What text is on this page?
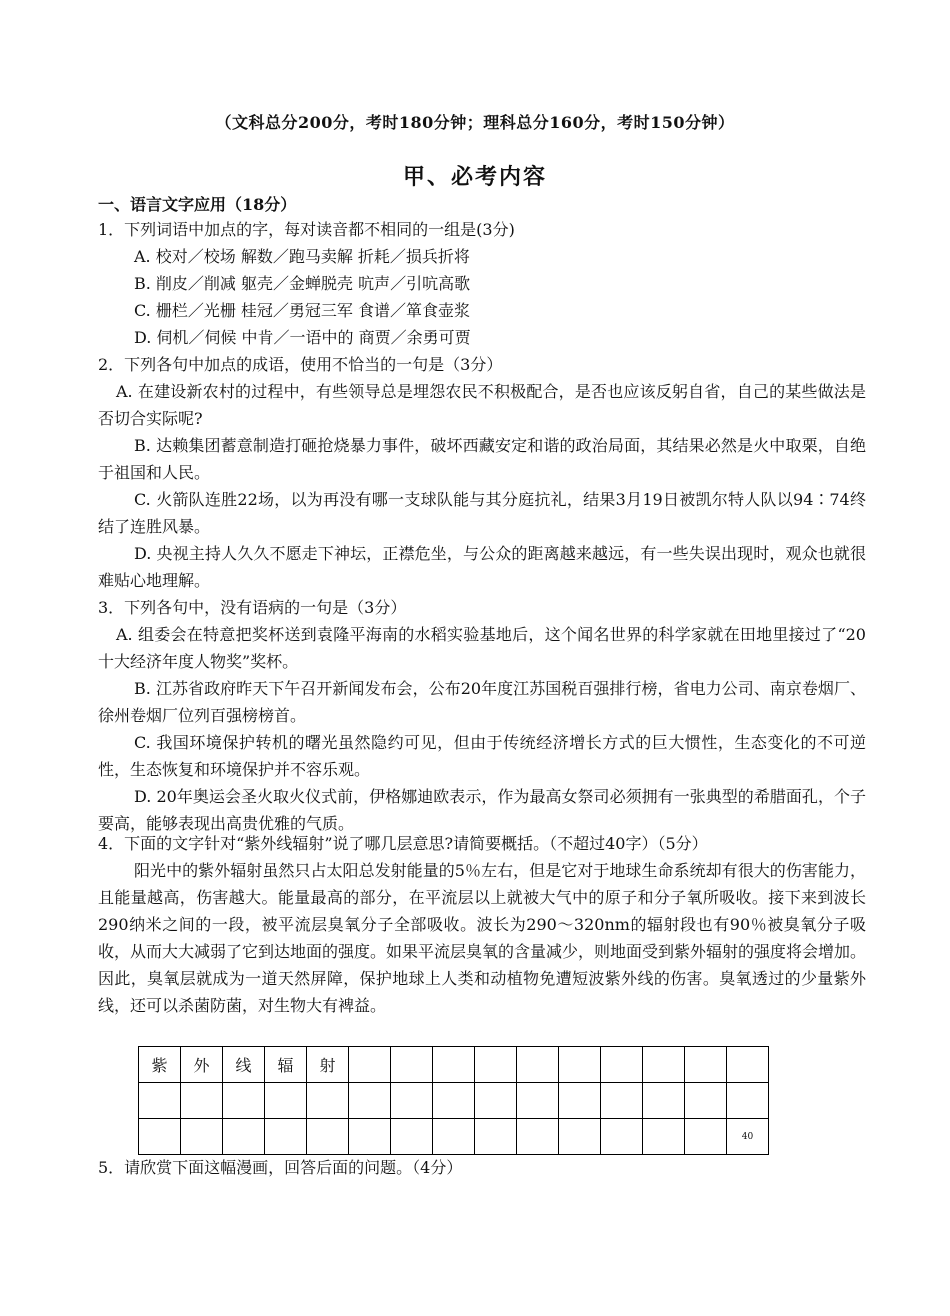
（文科总分200分，考时180分钟；理科总分160分，考时150分钟）
甲、必考内容
一、语言文字应用（18分）
1．下列词语中加点的字，每对读音都不相同的一组是(3分)
A. 校对／校场 解数／跑马卖解 折耗／损兵折将
B. 削皮／削减 躯壳／金蝉脱壳 吭声／引吭高歌
C. 栅栏／光栅 桂冠／勇冠三军 食谱／箪食壶浆
D. 伺机／伺候 中肯／一语中的 商贾／余勇可贾
2．下列各句中加点的成语，使用不恰当的一句是（3分）
A. 在建设新农村的过程中，有些领导总是埋怨农民不积极配合，是否也应该反躬自省，自己的某些做法是否切合实际呢?
B. 达赖集团蓄意制造打砸抢烧暴力事件，破坏西藏安定和谐的政治局面，其结果必然是火中取栗，自绝于祖国和人民。
C. 火箭队连胜22场，以为再没有哪一支球队能与其分庭抗礼，结果3月19日被凯尔特人队以94∶74终结了连胜风暴。
D. 央视主持人久久不愿走下神坛，正襟危坐，与公众的距离越来越远，有一些失误出现时，观众也就很难贴心地理解。
3．下列各句中，没有语病的一句是（3分）
A. 组委会在特意把奖杯送到袁隆平海南的水稻实验基地后，这个闻名世界的科学家就在田地里接过了“20十大经济年度人物奖”奖杯。
B. 江苏省政府昨天下午召开新闻发布会，公布20年度江苏国税百强排行榜，省电力公司、南京卷烟厂、徐州卷烟厂位列百强榜榜首。
C. 我国环境保护转机的曙光虽然隐约可见，但由于传统经济增长方式的巨大惯性，生态变化的不可逆性，生态恢复和环境保护并不容乐观。
D. 20年奥运会圣火取火仪式前，伊格娜迪欧表示，作为最高女祭司必须拥有一张典型的希腊面孔，个子要高，能够表现出高贵优雅的气质。
4．下面的文字针对“紫外线辐射”说了哪几层意思?请简要概括。（不超过40字）（5分）
阳光中的紫外辐射虽然只占太阳总发射能量的5％左右，但是它对于地球生命系统却有很大的伤害能力，且能量越高，伤害越大。能量最高的部分，在平流层以上就被大气中的原子和分子氧所吸收。接下来到波长290纳米之间的一段，被平流层臭氧分子全部吸收。波长为290～320nm的辐射段也有90％被臭氧分子吸收，从而大大减弱了它到达地面的强度。如果平流层臭氧的含量减少，则地面受到紫外辐射的强度将会增加。因此，臭氧层就成为一道天然屏障，保护地球上人类和动植物免遭短波紫外线的伤害。臭氧透过的少量紫外线，还可以杀菌防菌，对生物大有裨益。
紫	外	线	辐	射										

														40
5．请欣赏下面这幅漫画，回答后面的问题。（4分）
